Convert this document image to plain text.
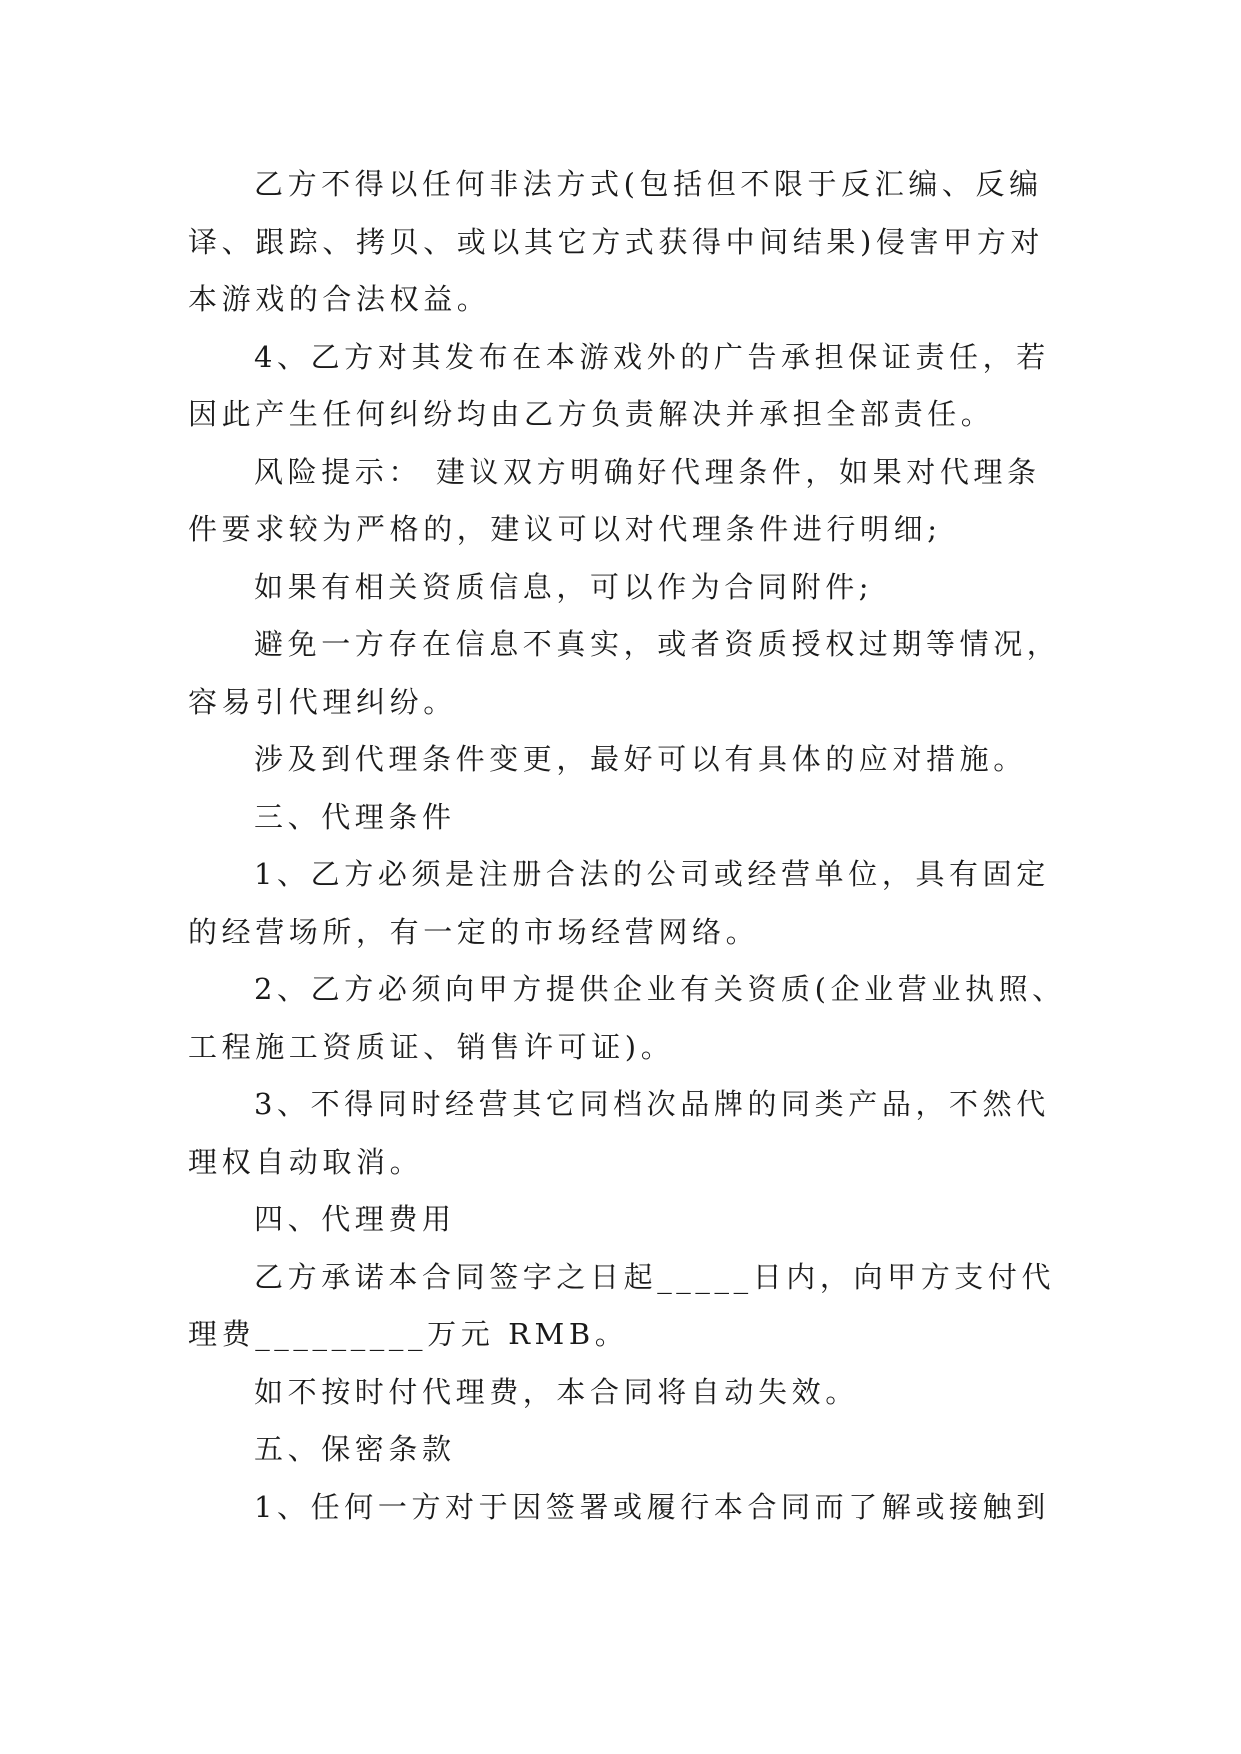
乙方不得以任何非法方式(包括但不限于反汇编、反编
译、跟踪、拷贝、或以其它方式获得中间结果)侵害甲方对
本游戏的合法权益。
4、乙方对其发布在本游戏外的广告承担保证责任，若
因此产生任何纠纷均由乙方负责解决并承担全部责任。
风险提示： 建议双方明确好代理条件，如果对代理条
件要求较为严格的，建议可以对代理条件进行明细;
如果有相关资质信息，可以作为合同附件;
避免一方存在信息不真实，或者资质授权过期等情况，
容易引代理纠纷。
涉及到代理条件变更，最好可以有具体的应对措施。
三、代理条件
1、乙方必须是注册合法的公司或经营单位，具有固定
的经营场所，有一定的市场经营网络。
2、乙方必须向甲方提供企业有关资质(企业营业执照、
工程施工资质证、销售许可证)。
3、不得同时经营其它同档次品牌的同类产品，不然代
理权自动取消。
四、代理费用
乙方承诺本合同签字之日起_____日内，向甲方支付代
理费_________万元 RMB。
如不按时付代理费，本合同将自动失效。
五、保密条款
1、任何一方对于因签署或履行本合同而了解或接触到
